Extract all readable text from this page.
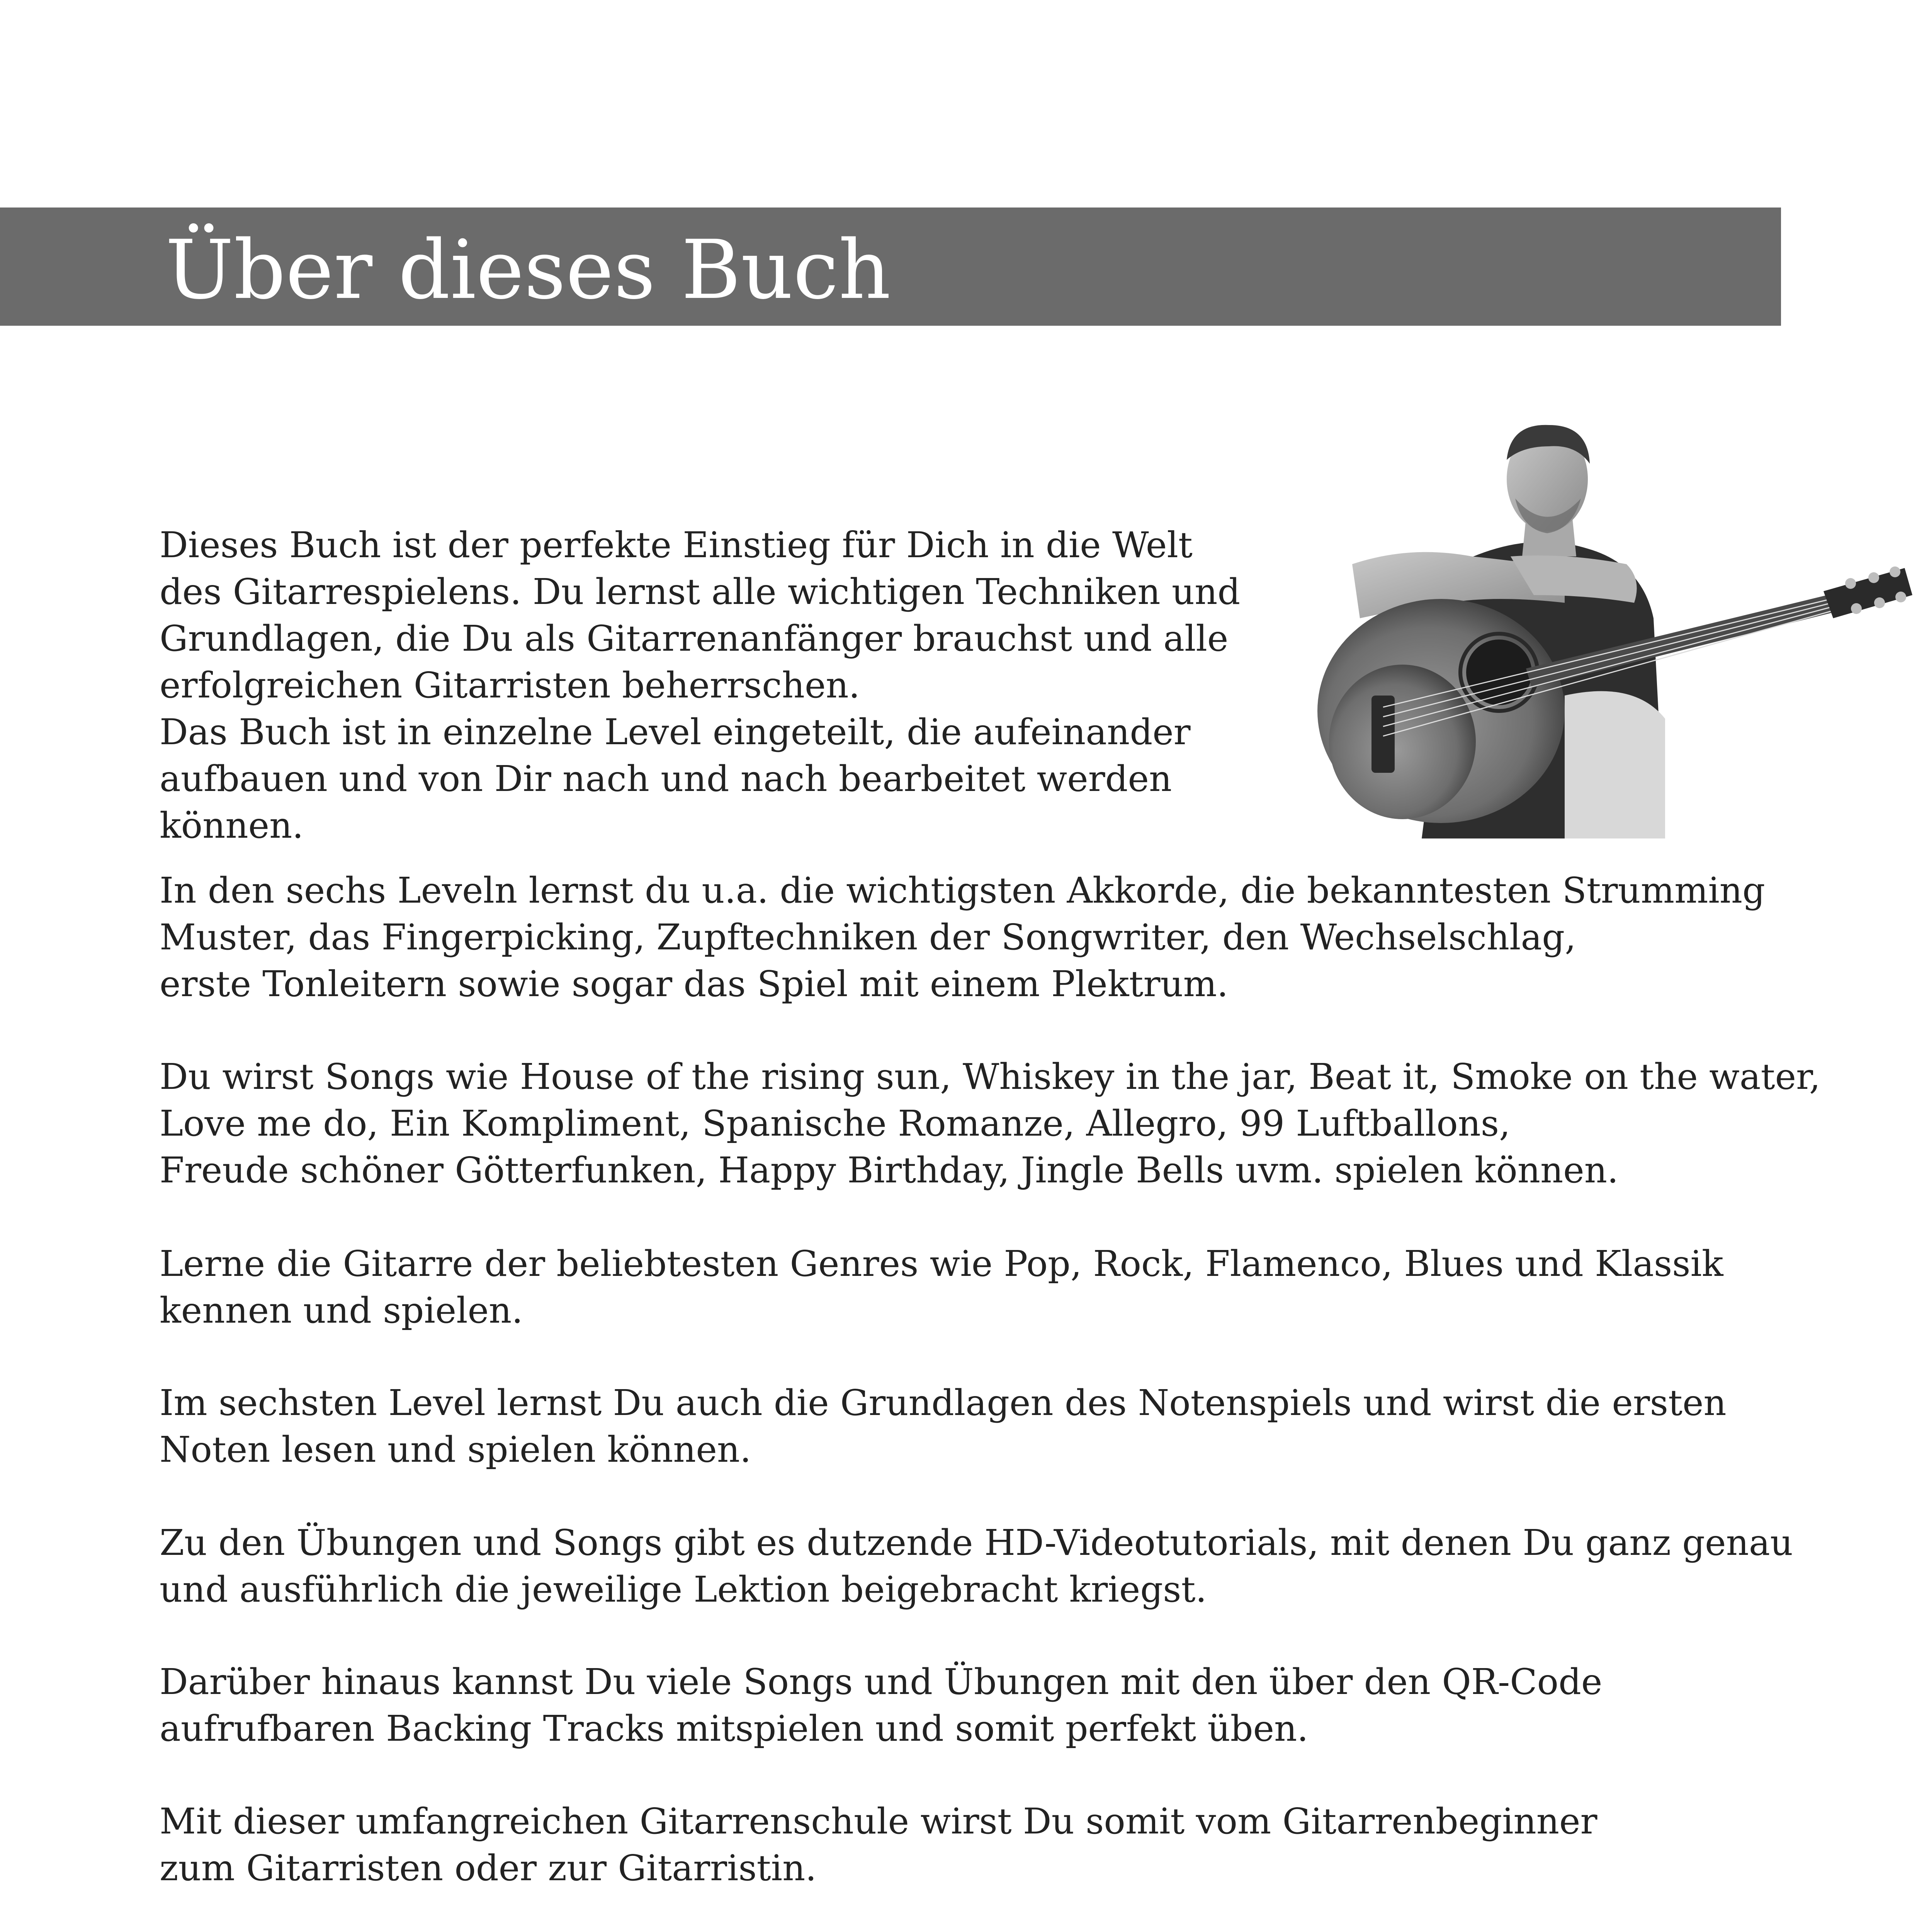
Über dieses Buch

Dieses Buch ist der perfekte Einstieg für Dich in die Welt
des Gitarrespielens. Du lernst alle wichtigen Techniken und
Grundlagen, die Du als Gitarrenanfänger brauchst und alle
erfolgreichen Gitarristen beherrschen.
Das Buch ist in einzelne Level eingeteilt, die aufeinander
aufbauen und von Dir nach und nach bearbeitet werden
können.

In den sechs Leveln lernst du u.a. die wichtigsten Akkorde, die bekanntesten Strumming
Muster, das Fingerpicking, Zupftechniken der Songwriter, den Wechselschlag,
erste Tonleitern sowie sogar das Spiel mit einem Plektrum.

Du wirst Songs wie House of the rising sun, Whiskey in the jar, Beat it, Smoke on the water,
Love me do, Ein Kompliment, Spanische Romanze, Allegro, 99 Luftballons,
Freude schöner Götterfunken, Happy Birthday, Jingle Bells uvm. spielen können.

Lerne die Gitarre der beliebtesten Genres wie Pop, Rock, Flamenco, Blues und Klassik
kennen und spielen.

Im sechsten Level lernst Du auch die Grundlagen des Notenspiels und wirst die ersten
Noten lesen und spielen können.

Zu den Übungen und Songs gibt es dutzende HD-Videotutorials, mit denen Du ganz genau
und ausführlich die jeweilige Lektion beigebracht kriegst.

Darüber hinaus kannst Du viele Songs und Übungen mit den über den QR-Code
aufrufbaren Backing Tracks mitspielen und somit perfekt üben.

Mit dieser umfangreichen Gitarrenschule wirst Du somit vom Gitarrenbeginner
zum Gitarristen oder zur Gitarristin.
